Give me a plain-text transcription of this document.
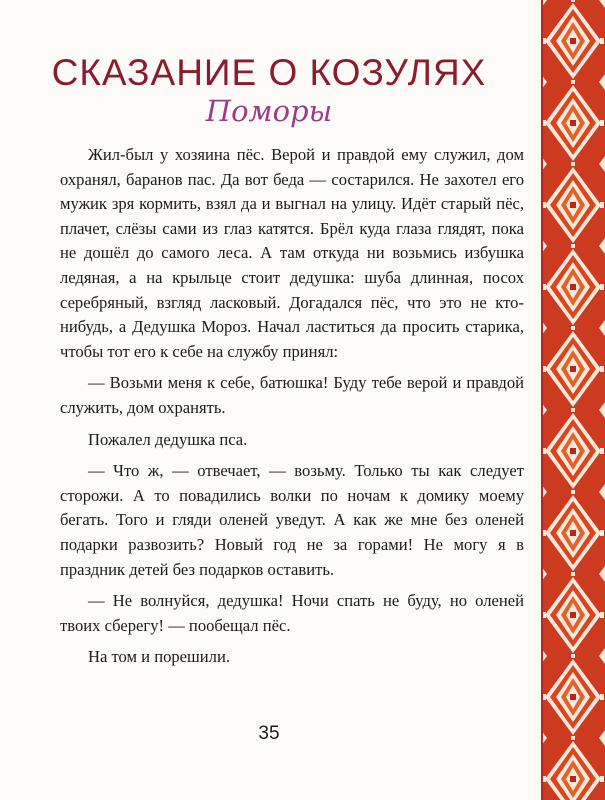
СКАЗАНИЕ О КОЗУЛЯХ
Поморы

Жил-был у хозяина пёс. Верой и правдой ему служил, дом охранял, баранов пас. Да вот беда — состарился. Не захотел его мужик зря кормить, взял да и выгнал на улицу. Идёт старый пёс, плачет, слёзы сами из глаз катятся. Брёл куда глаза глядят, пока не дошёл до самого леса. А там откуда ни возьмись избушка ледяная, а на крыльце стоит дедушка: шуба длинная, посох серебряный, взгляд ласковый. Догадался пёс, что это не кто-нибудь, а Дедушка Мороз. Начал ластиться да просить старика, чтобы тот его к себе на службу принял:

— Возьми меня к себе, батюшка! Буду тебе верой и правдой служить, дом охранять.

Пожалел дедушка пса.

— Что ж, — отвечает, — возьму. Только ты как следует сторожи. А то повадились волки по ночам к домику моему бегать. Того и гляди оленей уведут. А как же мне без оленей подарки развозить? Новый год не за горами! Не могу я в праздник детей без подарков оставить.

— Не волнуйся, дедушка! Ночи спать не буду, но оленей твоих сберегу! — пообещал пёс.

На том и порешили.

35
